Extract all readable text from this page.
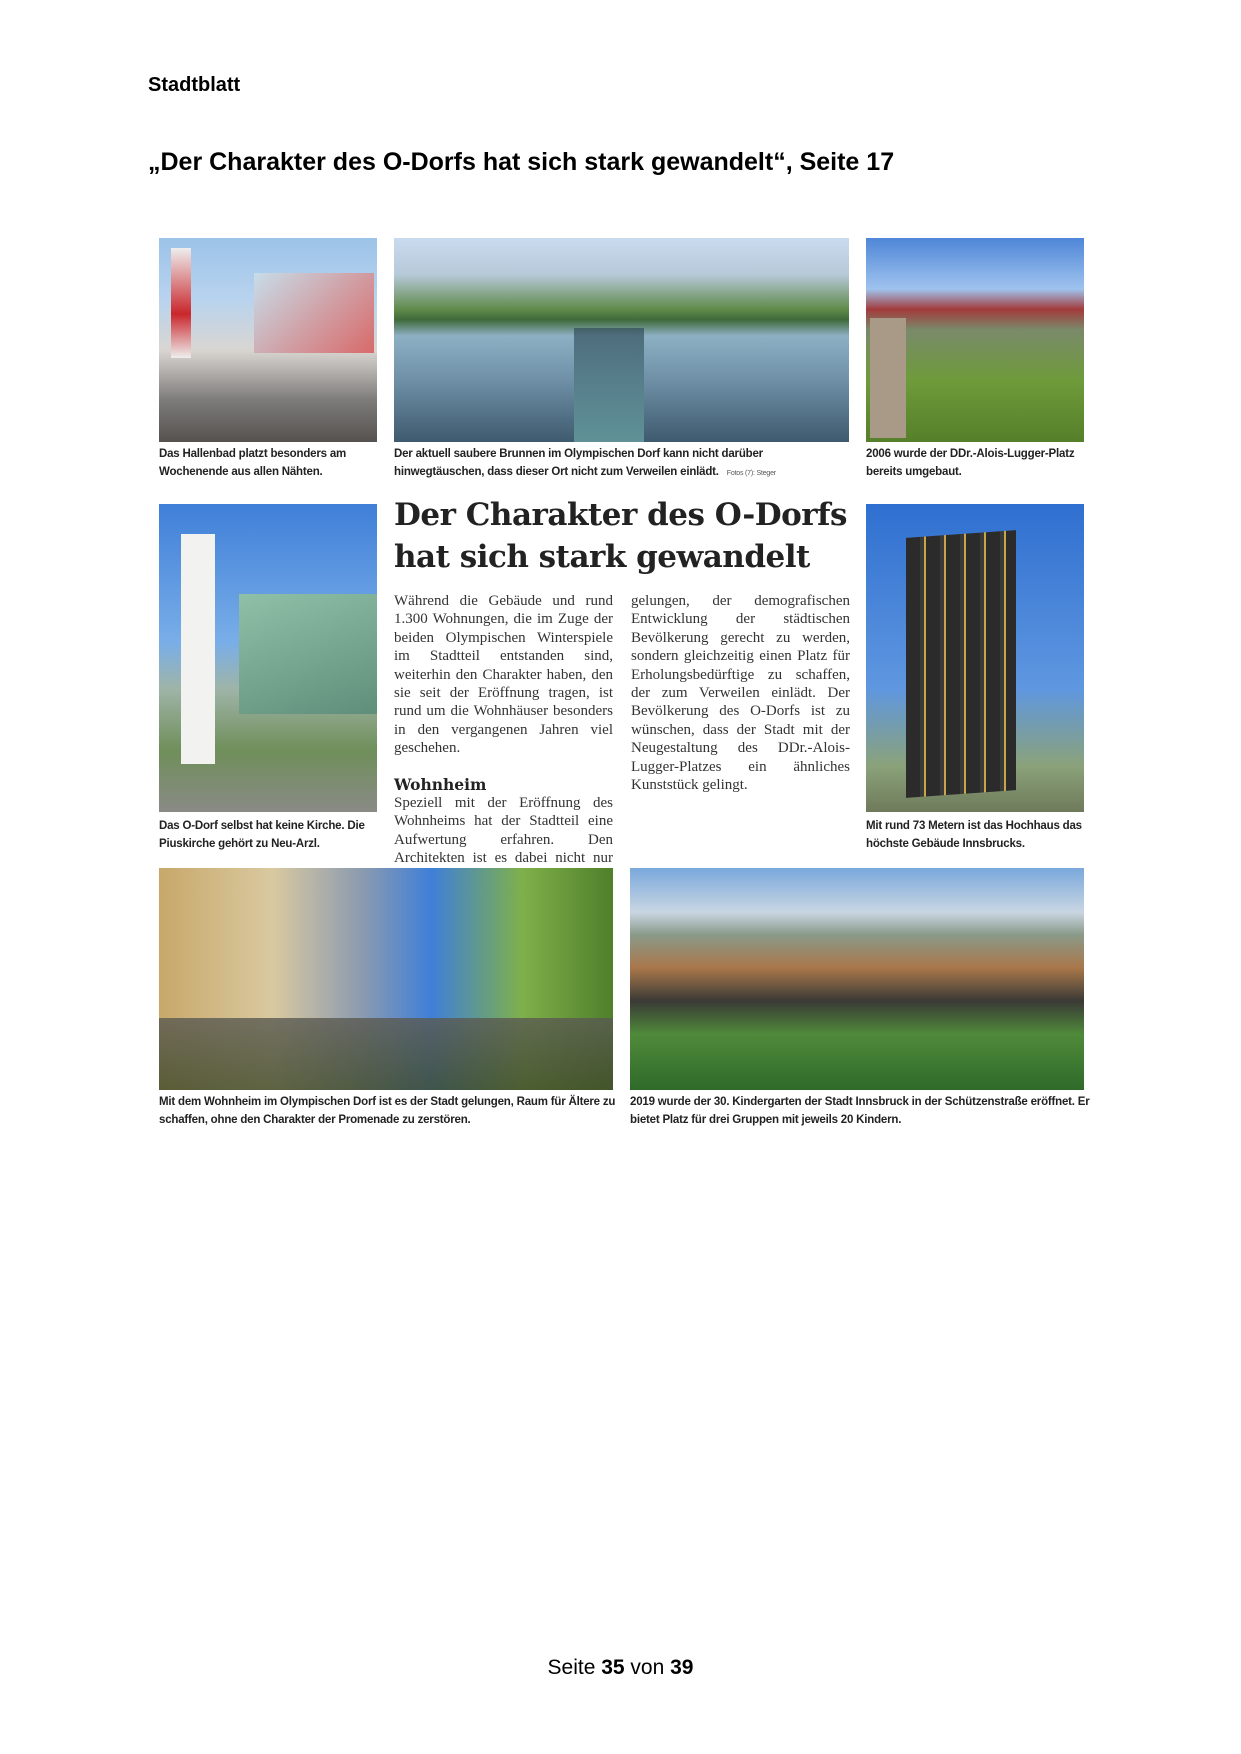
Stadtblatt
„Der Charakter des O-Dorfs hat sich stark gewandelt“, Seite 17
Das Hallenbad platzt besonders am Wochenende aus allen Nähten.
Der aktuell saubere Brunnen im Olympischen Dorf kann nicht darüber hinwegtäuschen, dass dieser Ort nicht zum Verweilen einlädt. Fotos (7): Steger
2006 wurde der DDr.-Alois-Lugger-Platz bereits umgebaut.
Der Charakter des O-Dorfs hat sich stark gewandelt

Während die Gebäude und rund 1.300 Wohnungen, die im Zuge der beiden Olympischen Winterspiele im Stadtteil entstanden sind, weiterhin den Charakter haben, den sie seit der Eröffnung tragen, ist rund um die Wohnhäuser besonders in den vergangenen Jahren viel geschehen.

Wohnheim

Speziell mit der Eröffnung des Wohnheims hat der Stadtteil eine Aufwertung erfahren. Den Architekten ist es dabei nicht nur gelungen, der demografischen Entwicklung der städtischen Bevölkerung gerecht zu werden, sondern gleichzeitig einen Platz für Erholungsbedürftige zu schaffen, der zum Verweilen einlädt. Der Bevölkerung des O-Dorfs ist zu wünschen, dass der Stadt mit der Neugestaltung des DDr.-Alois-Lugger-Platzes ein ähnliches Kunststück gelingt.

Das O-Dorf selbst hat keine Kirche. Die Piuskirche gehört zu Neu-Arzl.
Mit rund 73 Metern ist das Hochhaus das höchste Gebäude Innsbrucks.
Mit dem Wohnheim im Olympischen Dorf ist es der Stadt gelungen, Raum für Ältere zu schaffen, ohne den Charakter der Promenade zu zerstören.
2019 wurde der 30. Kindergarten der Stadt Innsbruck in der Schützenstraße eröffnet. Er bietet Platz für drei Gruppen mit jeweils 20 Kindern.
Seite 35 von 39
